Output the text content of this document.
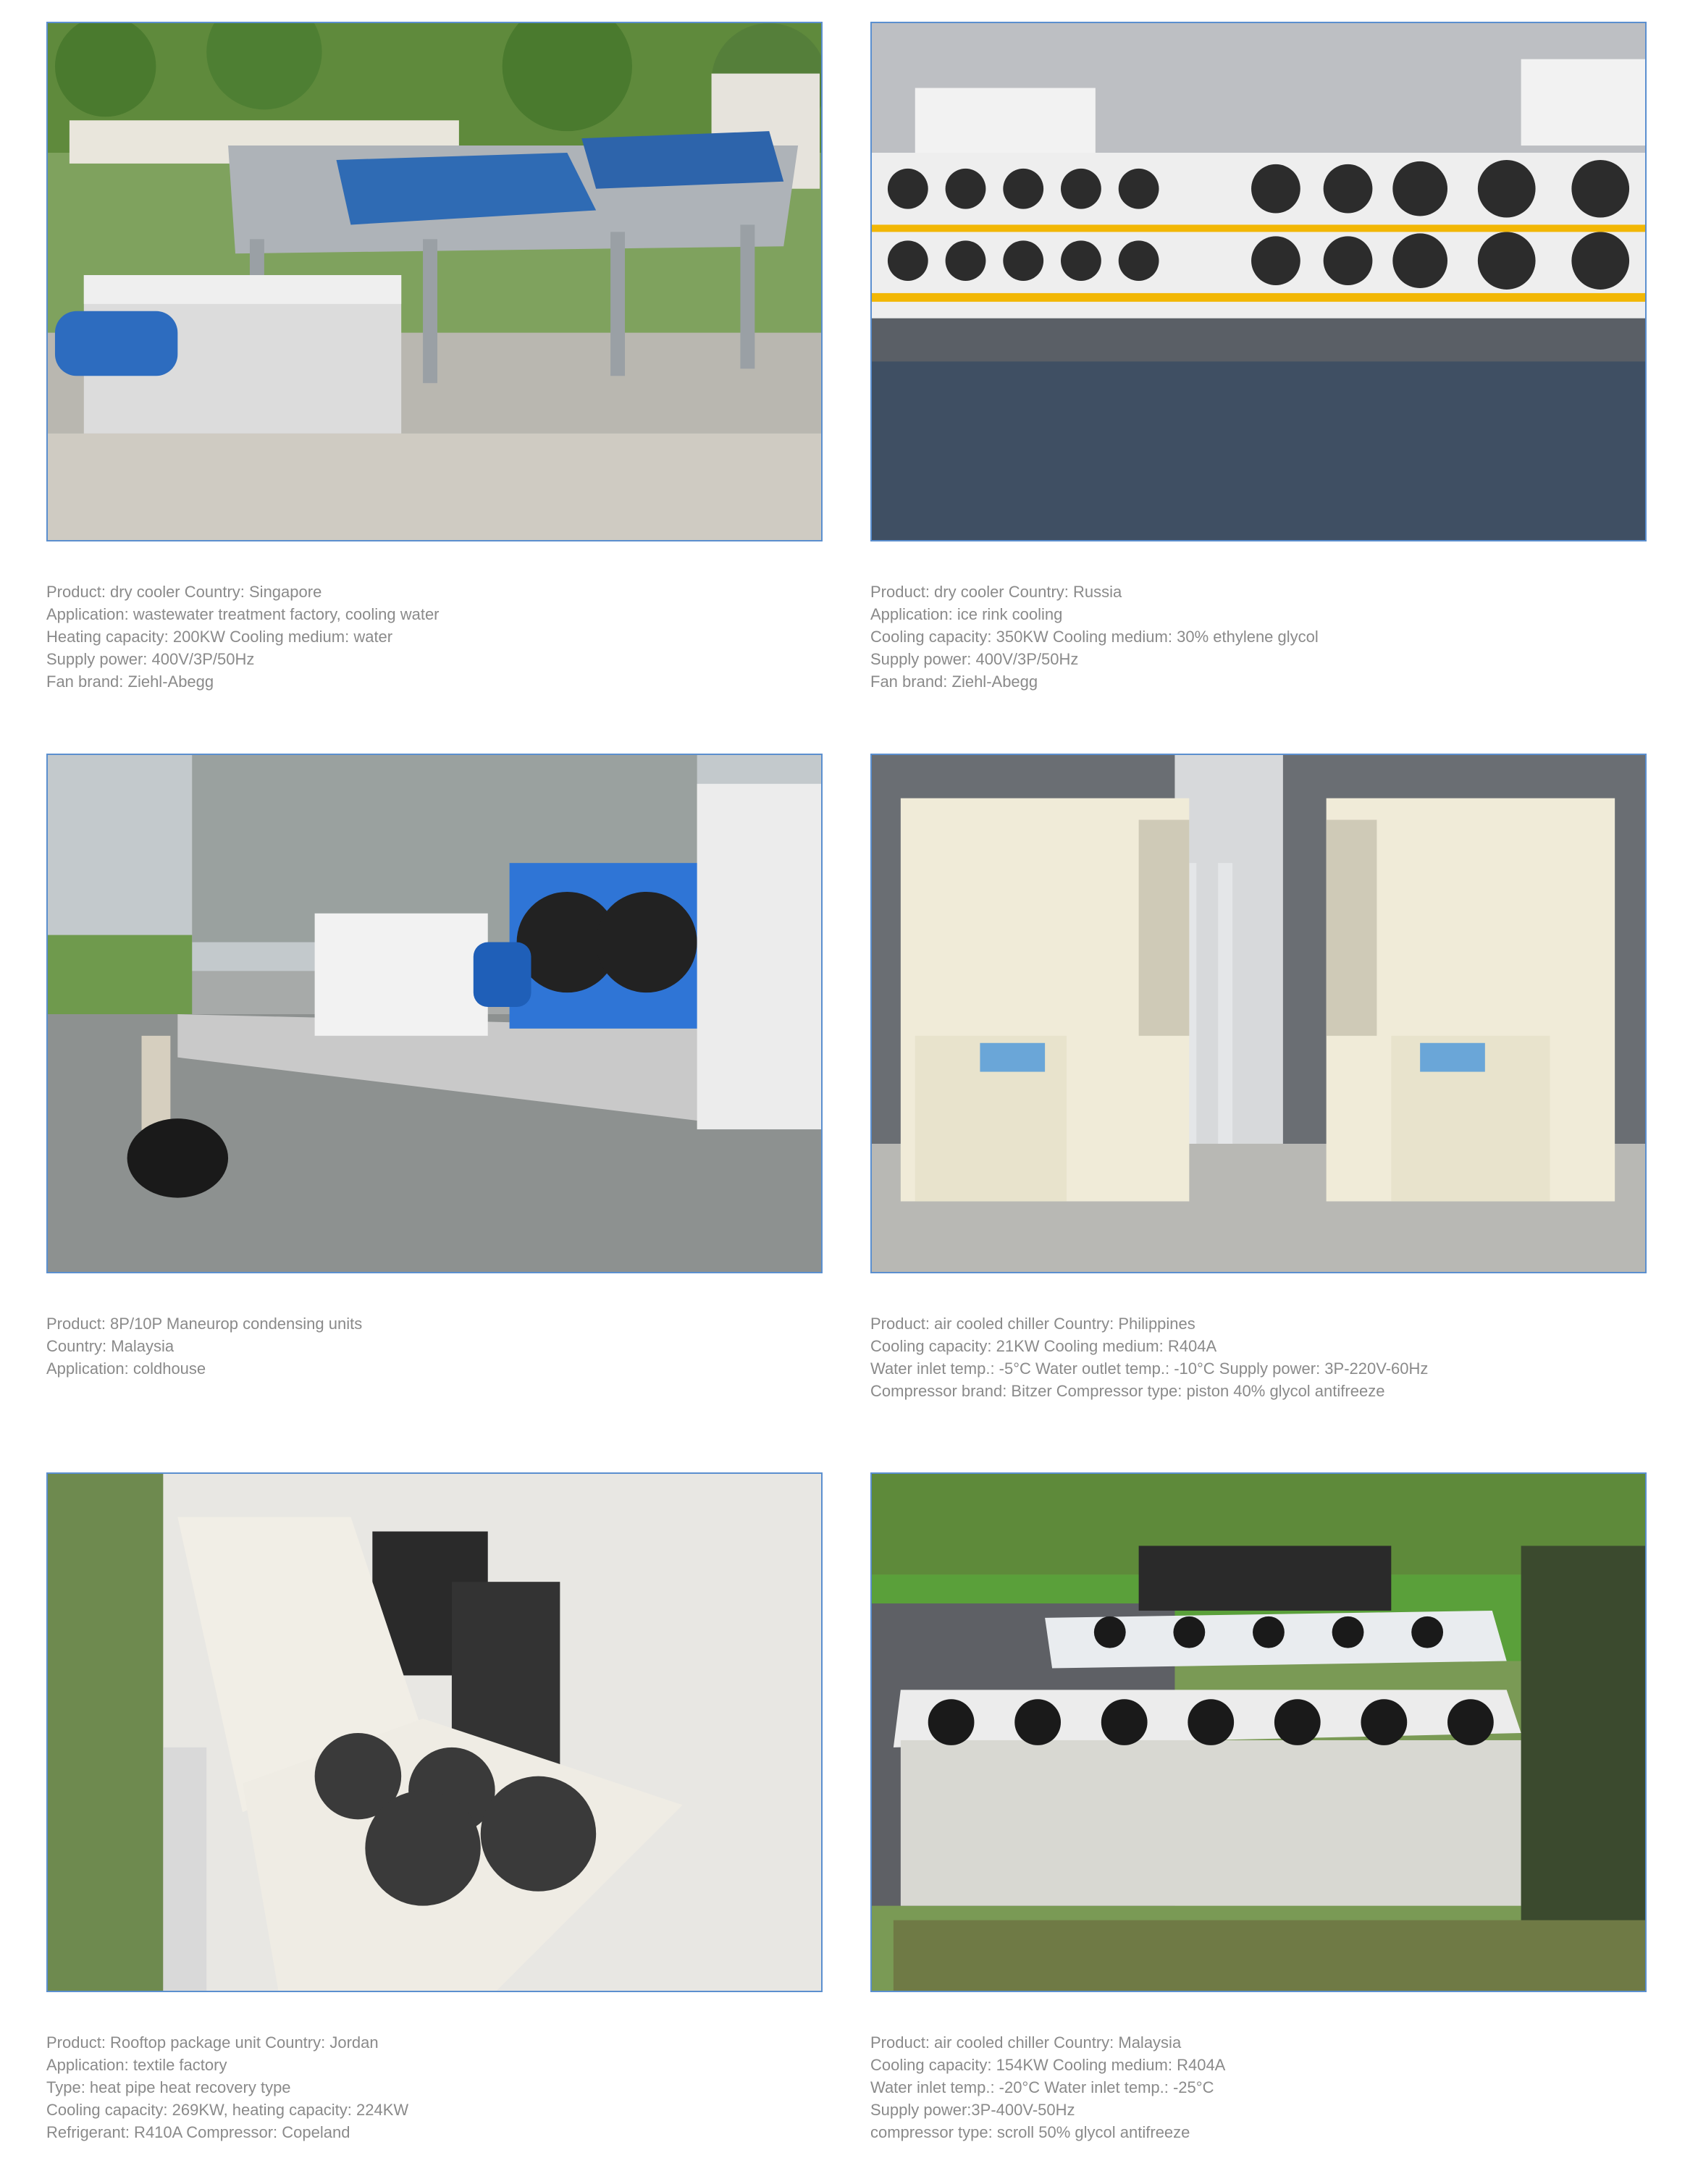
Product: dry cooler Country: Singapore
Application: wastewater treatment factory, cooling water
Heating capacity: 200KW Cooling medium: water
Supply power: 400V/3P/50Hz
Fan brand: Ziehl-Abegg
Product: dry cooler Country: Russia
Application: ice rink cooling
Cooling capacity: 350KW Cooling medium: 30% ethylene glycol
Supply power: 400V/3P/50Hz
Fan brand: Ziehl-Abegg
Product: 8P/10P Maneurop condensing units
Country: Malaysia
Application: coldhouse
Product: air cooled chiller Country: Philippines
Cooling capacity: 21KW Cooling medium: R404A
Water inlet temp.: -5°C Water outlet temp.: -10°C Supply power: 3P-220V-60Hz
Compressor brand: Bitzer Compressor type: piston 40% glycol antifreeze
Product: Rooftop package unit Country: Jordan
Application: textile factory
Type: heat pipe heat recovery type
Cooling capacity: 269KW, heating capacity: 224KW
Refrigerant: R410A Compressor: Copeland
Product: air cooled chiller Country: Malaysia
Cooling capacity: 154KW Cooling medium: R404A
Water inlet temp.: -20°C Water inlet temp.: -25°C
Supply power:3P-400V-50Hz
compressor type: scroll 50% glycol antifreeze
